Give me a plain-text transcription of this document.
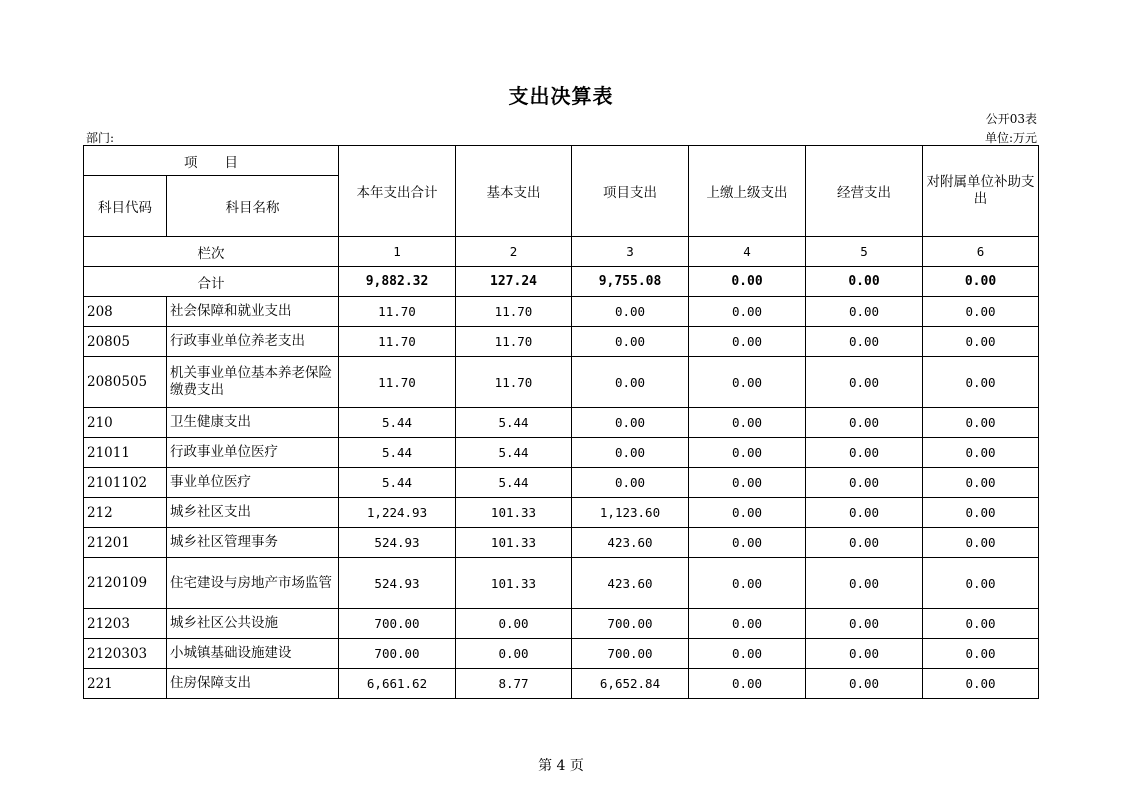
支出决算表
公开03表
部门:	单位:万元
项　　目		本年支出合计	基本支出	项目支出	上缴上级支出	经营支出	对附属单位补助支出
科目代码	科目名称						
栏次		1	2	3	4	5	6
合计		9,882.32	127.24	9,755.08	0.00	0.00	0.00
208	社会保障和就业支出	11.70	11.70	0.00	0.00	0.00	0.00
20805	行政事业单位养老支出	11.70	11.70	0.00	0.00	0.00	0.00
2080505	机关事业单位基本养老保险缴费支出	11.70	11.70	0.00	0.00	0.00	0.00
210	卫生健康支出	5.44	5.44	0.00	0.00	0.00	0.00
21011	行政事业单位医疗	5.44	5.44	0.00	0.00	0.00	0.00
2101102	事业单位医疗	5.44	5.44	0.00	0.00	0.00	0.00
212	城乡社区支出	1,224.93	101.33	1,123.60	0.00	0.00	0.00
21201	城乡社区管理事务	524.93	101.33	423.60	0.00	0.00	0.00
2120109	住宅建设与房地产市场监管	524.93	101.33	423.60	0.00	0.00	0.00
21203	城乡社区公共设施	700.00	0.00	700.00	0.00	0.00	0.00
2120303	小城镇基础设施建设	700.00	0.00	700.00	0.00	0.00	0.00
221	住房保障支出	6,661.62	8.77	6,652.84	0.00	0.00	0.00
第 4 页
